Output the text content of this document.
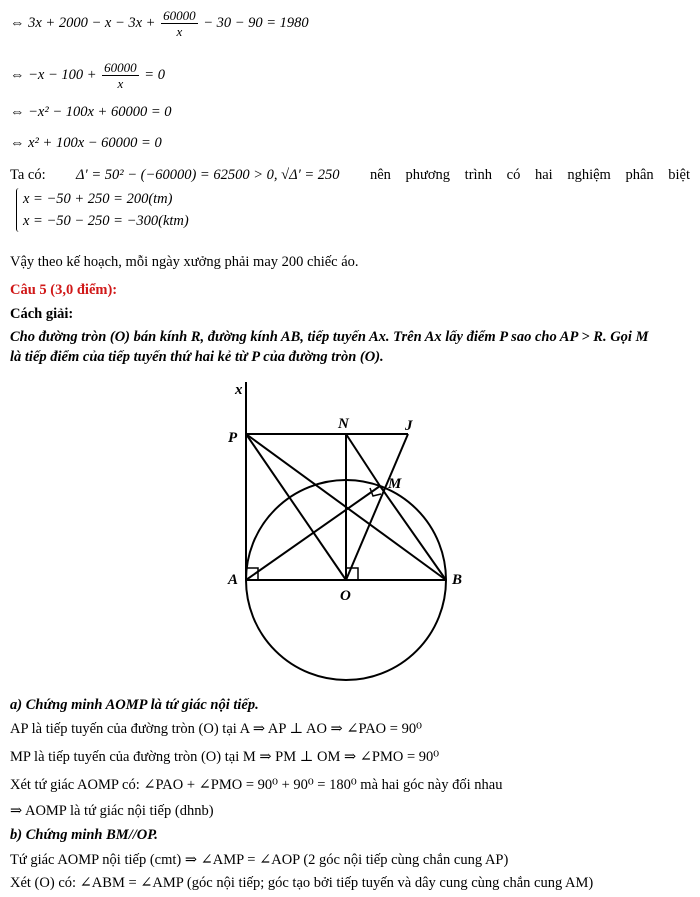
⇔ $3x + 2000 - x - 3x + \frac{60000}{x} - 30 - 90 = 1980$
⇔ $-x - 100 + \frac{60000}{x} = 0$
⇔ −x² − 100x + 60000 = 0
⇔ x² + 100x − 60000 = 0
Ta có: Δ′ = 50² − (−60000) = 62500 > 0, √Δ′ = 250 nên phương trình có hai nghiệm phân biệt
x = −50 + 250 = 200(tm)
x = −50 − 250 = −300(ktm)
Vậy theo kế hoạch, mỗi ngày xưởng phải may 200 chiếc áo.
Câu 5 (3,0 điểm):
Cách giải:
Cho đường tròn (O) bán kính R, đường kính AB, tiếp tuyến Ax. Trên Ax lấy điểm P sao cho AP > R. Gọi M
là tiếp điểm của tiếp tuyến thứ hai kẻ từ P của đường tròn (O).
x
P
N	J
M
A
O
B
a) Chứng minh AOMP là tứ giác nội tiếp.
AP là tiếp tuyến của đường tròn (O) tại A ⇒ AP ⊥ AO ⇒ ∠PAO = 90⁰
MP là tiếp tuyến của đường tròn (O) tại M ⇒ PM ⊥ OM ⇒ ∠PMO = 90⁰
Xét tứ giác AOMP có: ∠PAO + ∠PMO = 90⁰ + 90⁰ = 180⁰ mà hai góc này đối nhau
⇒ AOMP là tứ giác nội tiếp (dhnb)
b) Chứng minh BM//OP.
Tứ giác AOMP nội tiếp (cmt) ⇒ ∠AMP = ∠AOP (2 góc nội tiếp cùng chắn cung AP)
Xét (O) có: ∠ABM = ∠AMP (góc nội tiếp; góc tạo bởi tiếp tuyến và dây cung cùng chắn cung AM)
